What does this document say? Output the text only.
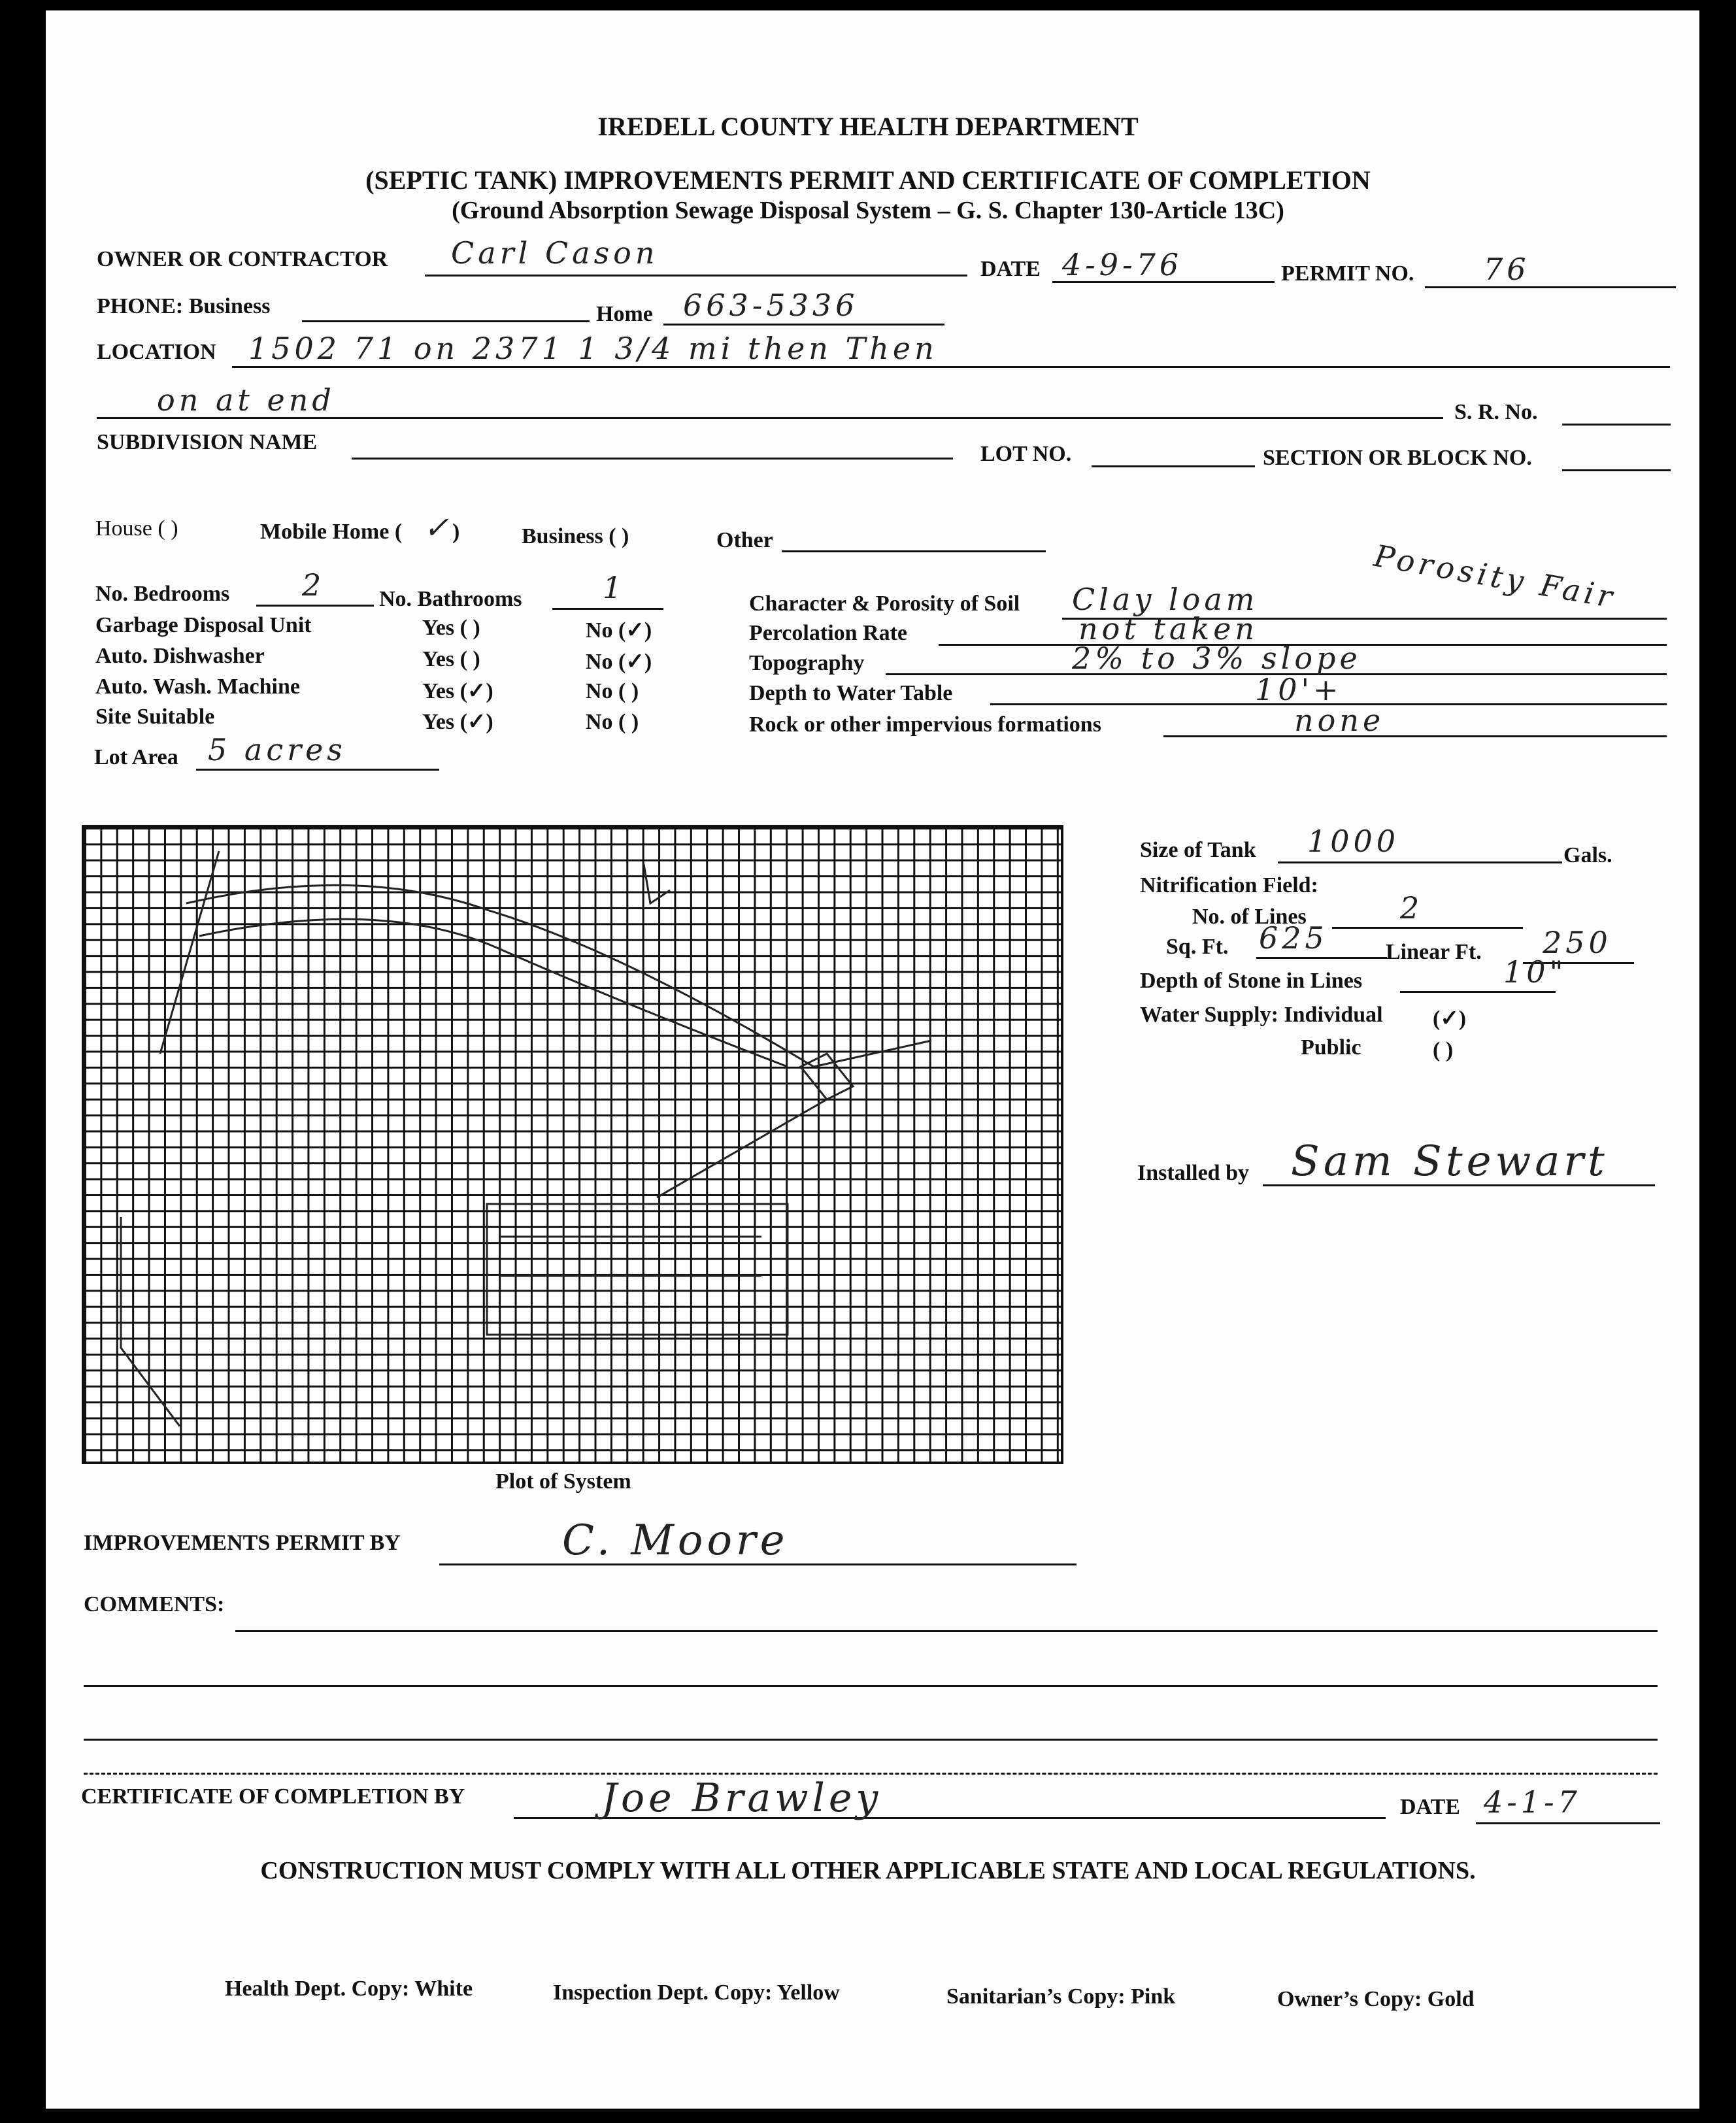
IREDELL COUNTY HEALTH DEPARTMENT
(SEPTIC TANK) IMPROVEMENTS PERMIT AND CERTIFICATE OF COMPLETION
(Ground Absorption Sewage Disposal System – G. S. Chapter 130-Article 13C)
OWNER OR CONTRACTOR Carl Cason	DATE 4-9-76	PERMIT NO. 76
PHONE: Business	Home 663-5336
LOCATION 1502 71 on 2371 1 3/4 mi then Then
on at end	S. R. No.
SUBDIVISION NAME	LOT NO.	SECTION OR BLOCK NO.
House ( )	Mobile Home ( ✓ )	Business ( )	Other
No. Bedrooms 2 No. Bathrooms	1
Garbage Disposal Unit	Yes ( )	No (✓)
Auto. Dishwasher	Yes ( )	No (✓)
Auto. Wash. Machine	Yes (✓)	No ( )
Site Suitable	Yes (✓)	No ( )
Lot Area 5 acres
Porosity Fair
Character & Porosity of Soil Clay loam
Percolation Rate	not taken
Topography	2% to 3% slope
Depth to Water Table	10'+
Rock or other impervious formations	none
Plot of System
Size of Tank 1000	Gals.
Nitrification Field:
No. of Lines	2
Sq. Ft. 625	Linear Ft. 250
Depth of Stone in Lines	10"
Water Supply: Individual (✓)
Public	( )
Installed by Sam Stewart
IMPROVEMENTS PERMIT BY	C. Moore
COMMENTS:
CERTIFICATE OF COMPLETION BY	Joe Brawley	DATE 4-1-7
CONSTRUCTION MUST COMPLY WITH ALL OTHER APPLICABLE STATE AND LOCAL REGULATIONS.
Health Dept. Copy: White	Inspection Dept. Copy: Yellow	Sanitarian’s Copy: Pink	Owner’s Copy: Gold
